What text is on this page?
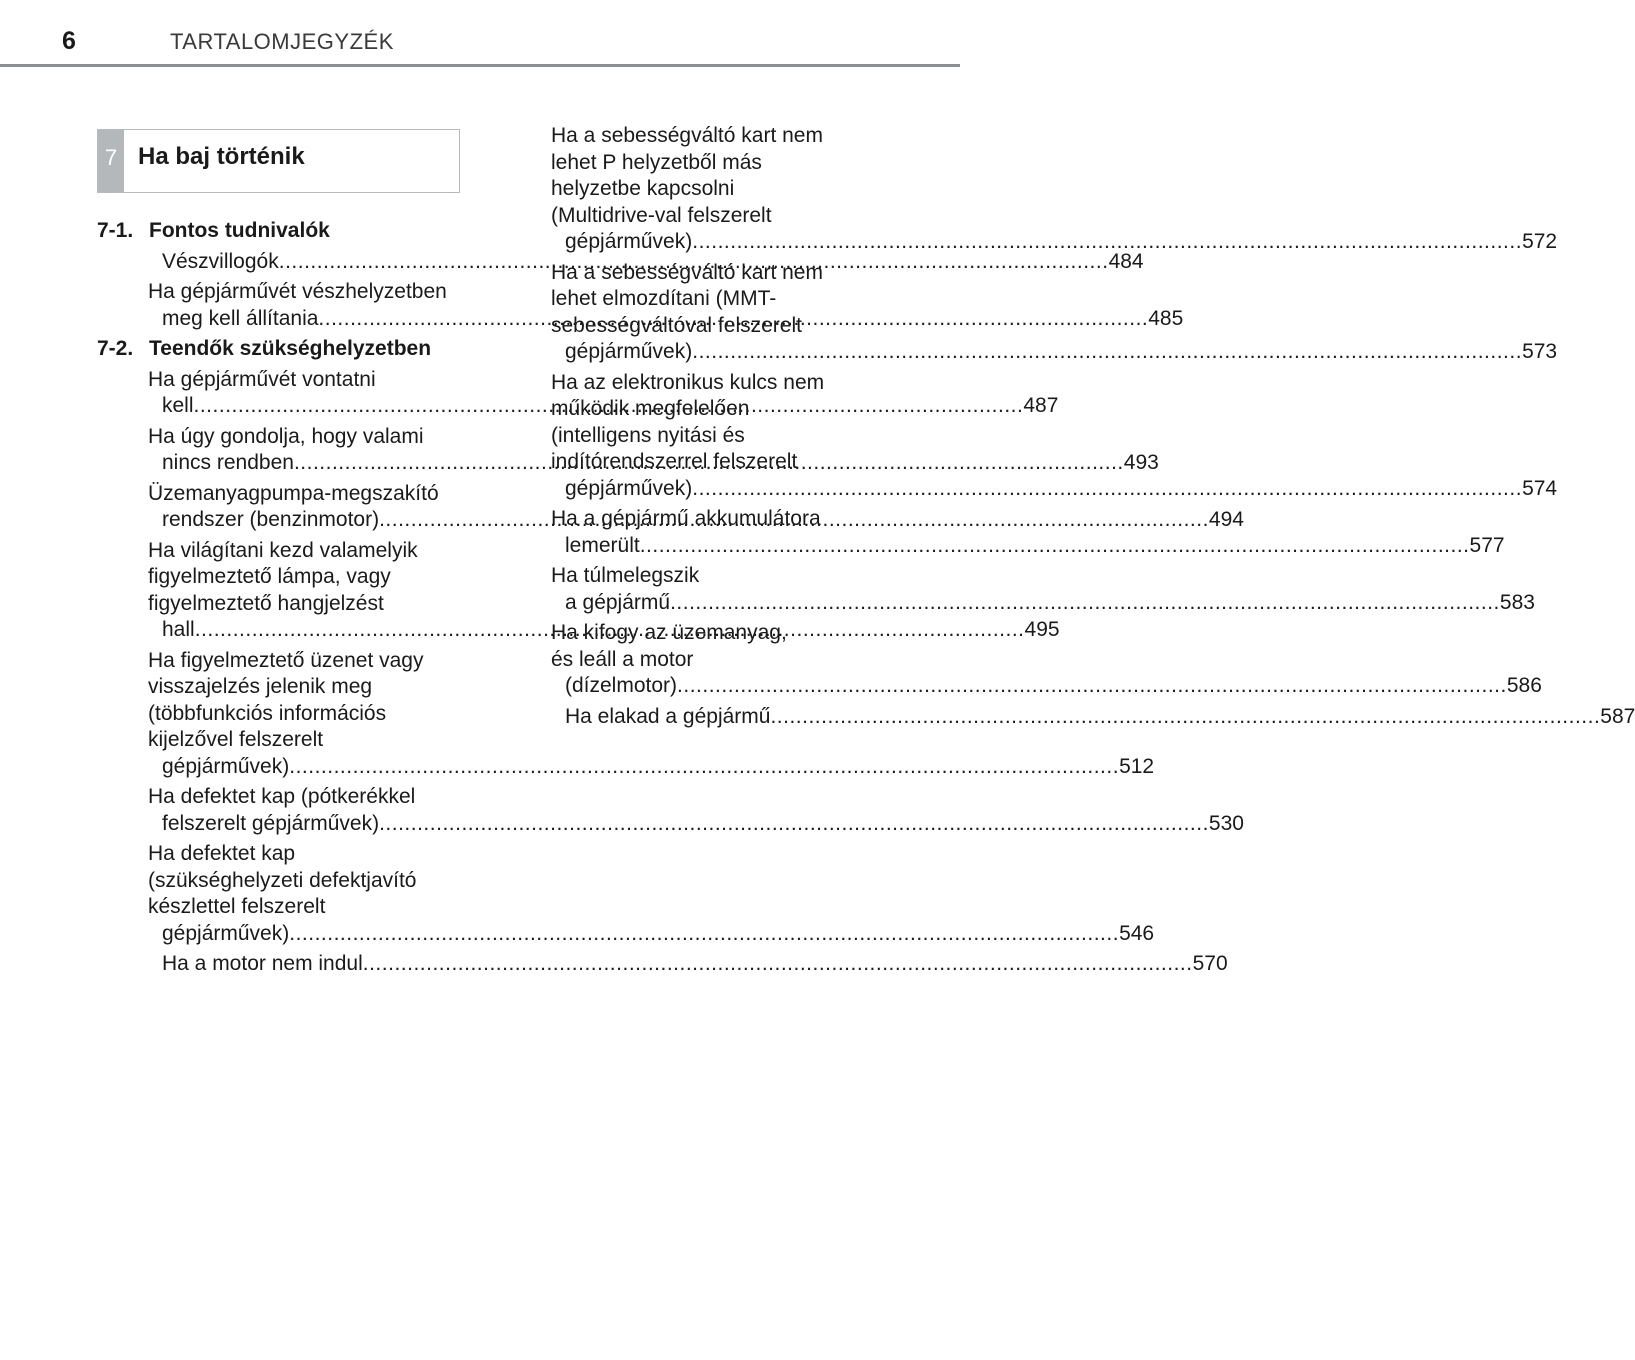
6	TARTALOMJEGYZÉK
7 Ha baj történik
7-1. Fontos tudnivalók
Vészvillogók .....	484
Ha gépjárművét vészhelyzetben
meg kell állítania .....	485
7-2. Teendők szükséghelyzetben
Ha gépjárművét vontatni
kell .....	487
Ha úgy gondolja, hogy valami
nincs rendben .....	493
Üzemanyagpumpa-megszakító
rendszer (benzinmotor) .....	494
Ha világítani kezd valamelyik
figyelmeztető lámpa, vagy
figyelmeztető hangjelzést
hall .....	495
Ha figyelmeztető üzenet vagy
visszajelzés jelenik meg
(többfunkciós információs
kijelzővel felszerelt
gépjárművek) .....	512
Ha defektet kap (pótkerékkel
felszerelt gépjárművek) .....	530
Ha defektet kap
(szükséghelyzeti defektjavító
készlettel felszerelt
gépjárművek) .....	546
Ha a motor nem indul .....	570
Ha a sebességváltó kart nem
lehet P helyzetből más
helyzetbe kapcsolni
(Multidrive-val felszerelt
gépjárművek) .....	572
Ha a sebességváltó kart nem
lehet elmozdítani (MMT-
sebességváltóval felszerelt
gépjárművek) .....	573
Ha az elektronikus kulcs nem
működik megfelelően
(intelligens nyitási és
indítórendszerrel felszerelt
gépjárművek) .....	574
Ha a gépjármű akkumulátora
lemerült .....	577
Ha túlmelegszik
a gépjármű .....	583
Ha kifogy az üzemanyag,
és leáll a motor
(dízelmotor) .....	586
Ha elakad a gépjármű .....	587
